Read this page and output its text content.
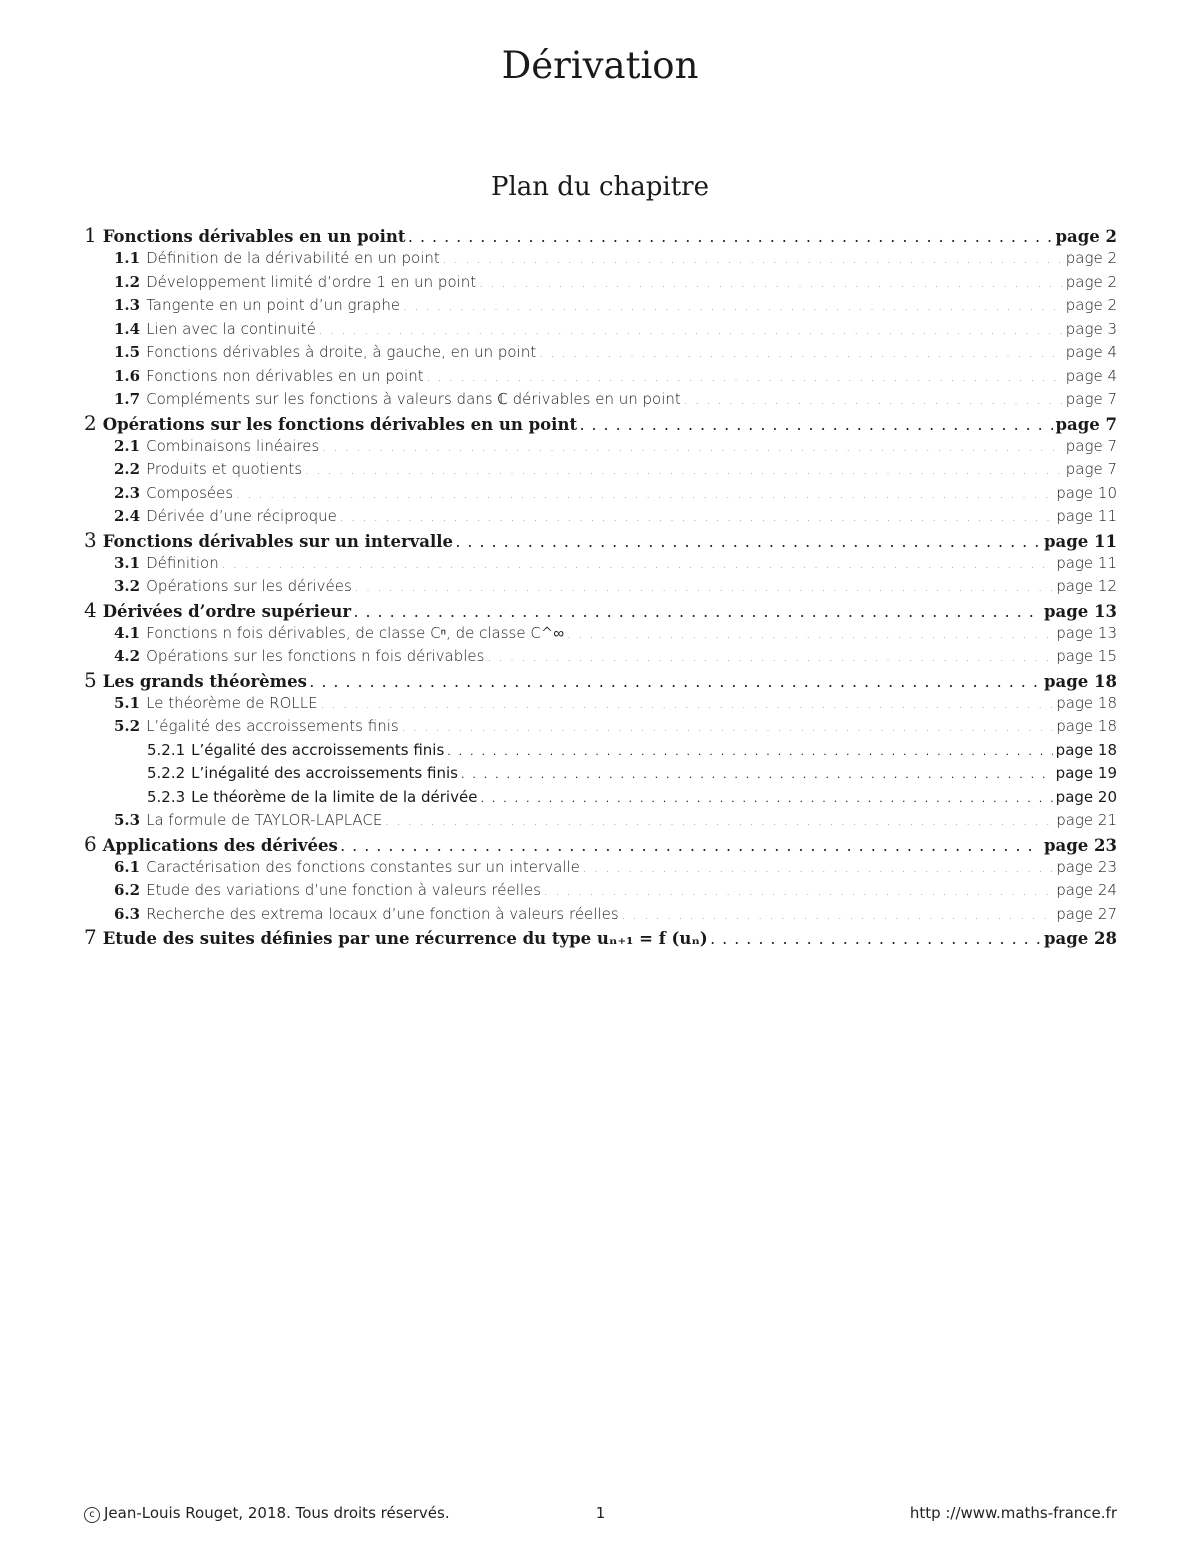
Dérivation
Plan du chapitre
1 Fonctions dérivables en un point . . .	page 2
1.1 Définition de la dérivabilité en un point . . .	page 2
1.2 Développement limité d’ordre 1 en un point . . .	page 2
1.3 Tangente en un point d’un graphe . . .	page 2
1.4 Lien avec la continuité . . .	page 3
1.5 Fonctions dérivables à droite, à gauche, en un point . . .	page 4
1.6 Fonctions non dérivables en un point . . .	page 4
1.7 Compléments sur les fonctions à valeurs dans ℂ dérivables en un point . . .	page 7
2 Opérations sur les fonctions dérivables en un point . . .	page 7
2.1 Combinaisons linéaires . . .	page 7
2.2 Produits et quotients . . .	page 7
2.3 Composées . . .	page 10
2.4 Dérivée d’une réciproque . . .	page 11
3 Fonctions dérivables sur un intervalle . . .	page 11
3.1 Définition . . .	page 11
3.2 Opérations sur les dérivées . . .	page 12
4 Dérivées d’ordre supérieur . . .	page 13
4.1 Fonctions n fois dérivables, de classe Cⁿ, de classe C^∞ . . .	page 13
4.2 Opérations sur les fonctions n fois dérivables . . .	page 15
5 Les grands théorèmes . . .	page 18
5.1 Le théorème de ROLLE . . .	page 18
5.2 L’égalité des accroissements finis . . .	page 18
5.2.1 L’égalité des accroissements finis . . .	page 18
5.2.2 L’inégalité des accroissements finis . . .	page 19
5.2.3 Le théorème de la limite de la dérivée . . .	page 20
5.3 La formule de TAYLOR-LAPLACE . . .	page 21
6 Applications des dérivées . . .	page 23
6.1 Caractérisation des fonctions constantes sur un intervalle . . .	page 23
6.2 Etude des variations d’une fonction à valeurs réelles . . .	page 24
6.3 Recherche des extrema locaux d’une fonction à valeurs réelles . . .	page 27
7 Etude des suites définies par une récurrence du type uₙ₊₁ = f (uₙ) . . .	page 28
c Jean-Louis Rouget, 2018. Tous droits réservés.	1	http ://www.maths-france.fr
